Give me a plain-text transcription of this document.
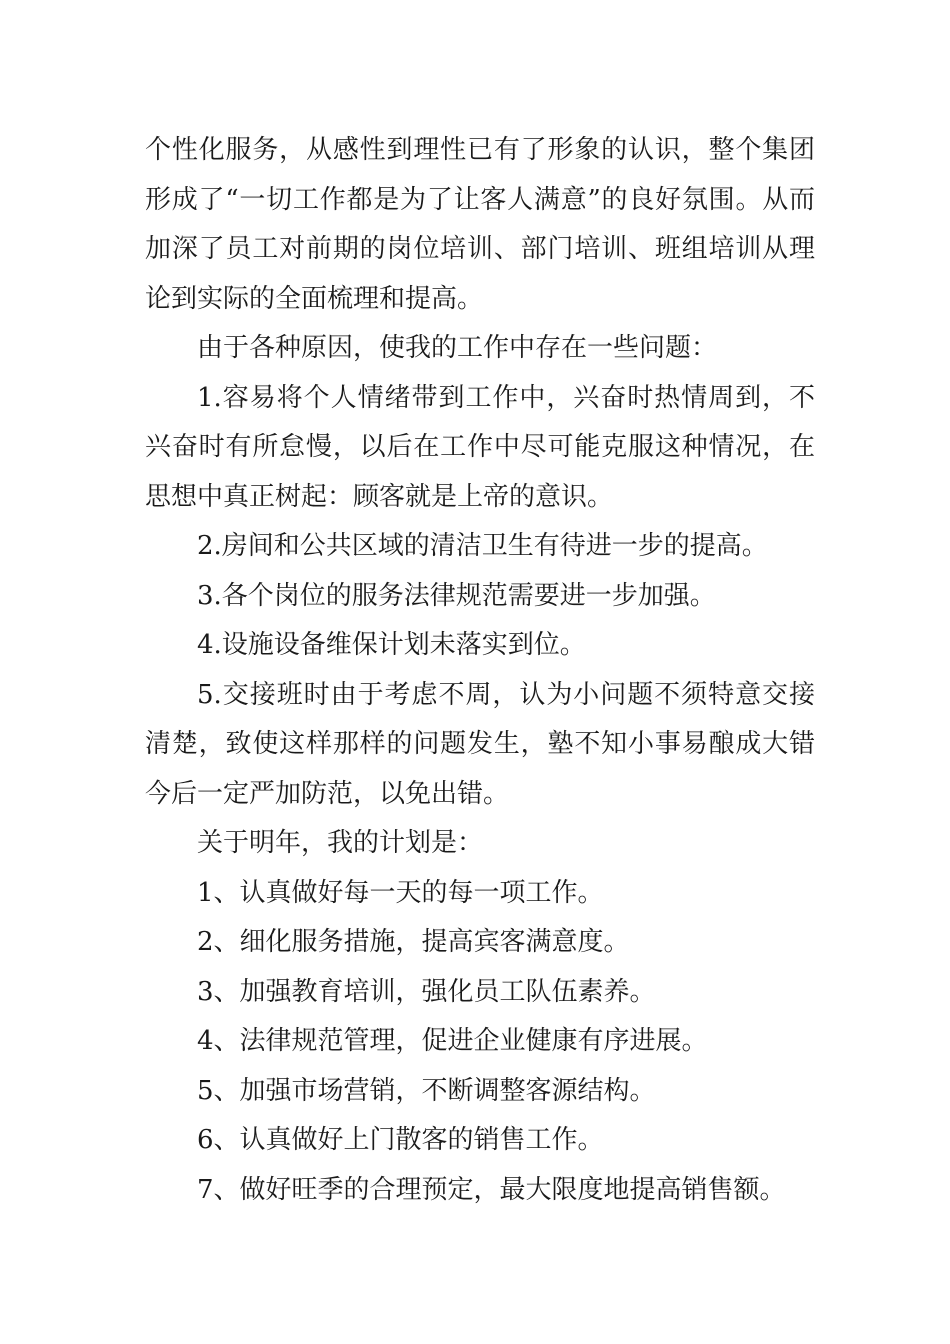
个性化服务，从感性到理性已有了形象的认识，整个集团形成了“一切工作都是为了让客人满意”的良好氛围。从而加深了员工对前期的岗位培训、部门培训、班组培训从理论到实际的全面梳理和提高。

由于各种原因，使我的工作中存在一些问题：

1.容易将个人情绪带到工作中，兴奋时热情周到，不兴奋时有所怠慢，以后在工作中尽可能克服这种情况，在思想中真正树起：顾客就是上帝的意识。

2.房间和公共区域的清洁卫生有待进一步的提高。

3.各个岗位的服务法律规范需要进一步加强。

4.设施设备维保计划未落实到位。

5.交接班时由于考虑不周，认为小问题不须特意交接清楚，致使这样那样的问题发生，塾不知小事易酿成大错今后一定严加防范，以免出错。

关于明年，我的计划是：

1、认真做好每一天的每一项工作。

2、细化服务措施，提高宾客满意度。

3、加强教育培训，强化员工队伍素养。

4、法律规范管理，促进企业健康有序进展。

5、加强市场营销，不断调整客源结构。

6、认真做好上门散客的销售工作。

7、做好旺季的合理预定，最大限度地提高销售额。
